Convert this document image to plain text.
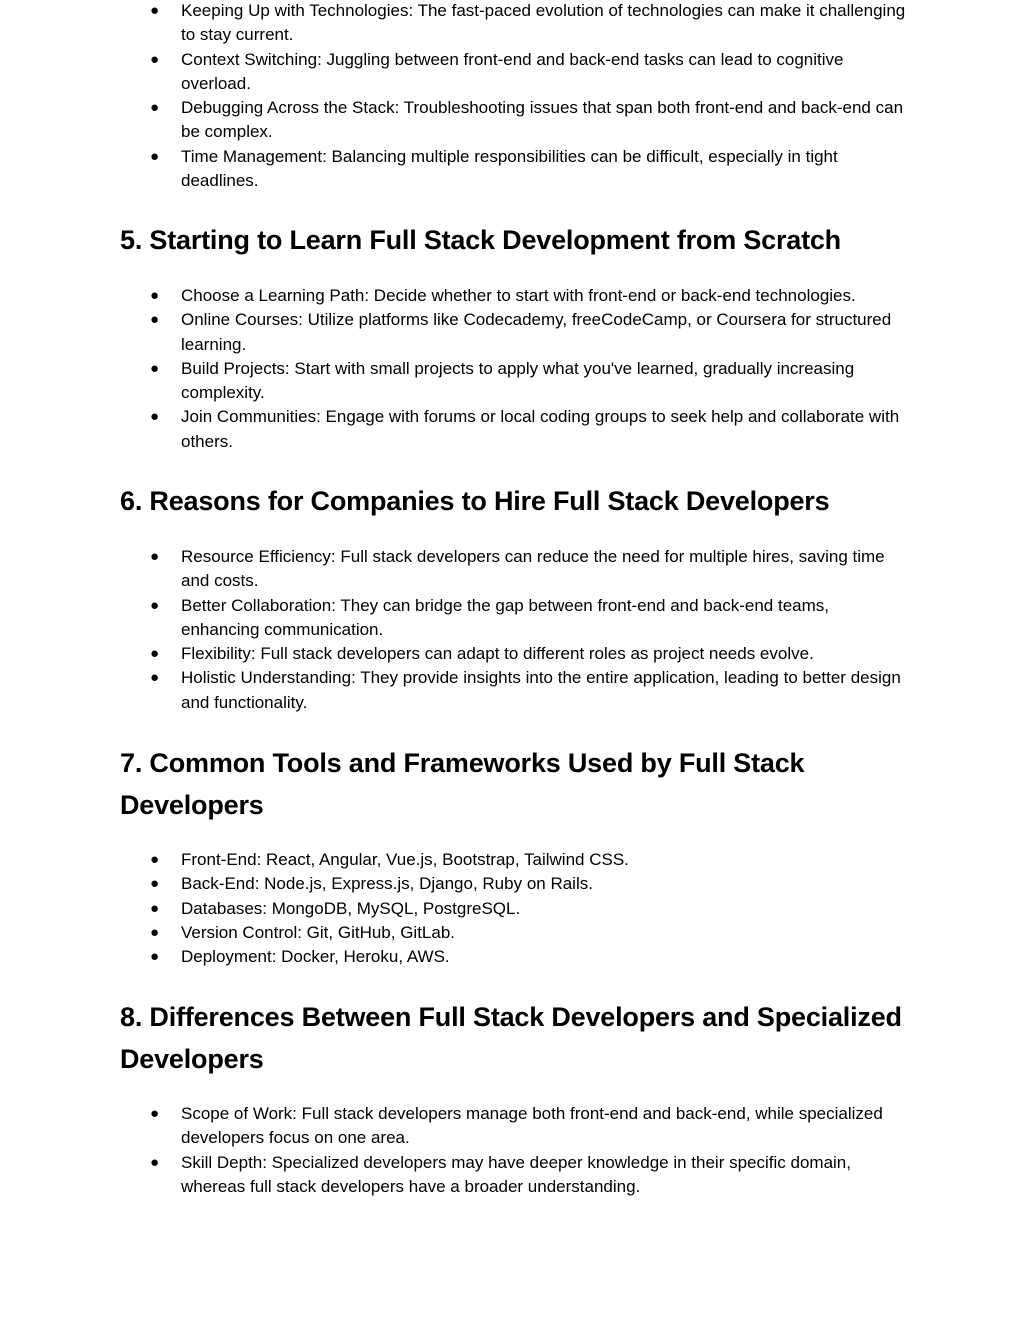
● Keeping Up with Technologies: The fast-paced evolution of technologies can make it challenging to stay current.
● Context Switching: Juggling between front-end and back-end tasks can lead to cognitive overload.
● Debugging Across the Stack: Troubleshooting issues that span both front-end and back-end can be complex.
● Time Management: Balancing multiple responsibilities can be difficult, especially in tight deadlines.
5. Starting to Learn Full Stack Development from Scratch
● Choose a Learning Path: Decide whether to start with front-end or back-end technologies.
● Online Courses: Utilize platforms like Codecademy, freeCodeCamp, or Coursera for structured learning.
● Build Projects: Start with small projects to apply what you've learned, gradually increasing complexity.
● Join Communities: Engage with forums or local coding groups to seek help and collaborate with others.
6. Reasons for Companies to Hire Full Stack Developers
● Resource Efficiency: Full stack developers can reduce the need for multiple hires, saving time and costs.
● Better Collaboration: They can bridge the gap between front-end and back-end teams, enhancing communication.
● Flexibility: Full stack developers can adapt to different roles as project needs evolve.
● Holistic Understanding: They provide insights into the entire application, leading to better design and functionality.
7. Common Tools and Frameworks Used by Full Stack Developers
● Front-End: React, Angular, Vue.js, Bootstrap, Tailwind CSS.
● Back-End: Node.js, Express.js, Django, Ruby on Rails.
● Databases: MongoDB, MySQL, PostgreSQL.
● Version Control: Git, GitHub, GitLab.
● Deployment: Docker, Heroku, AWS.
8. Differences Between Full Stack Developers and Specialized Developers
● Scope of Work: Full stack developers manage both front-end and back-end, while specialized developers focus on one area.
● Skill Depth: Specialized developers may have deeper knowledge in their specific domain, whereas full stack developers have a broader understanding.
